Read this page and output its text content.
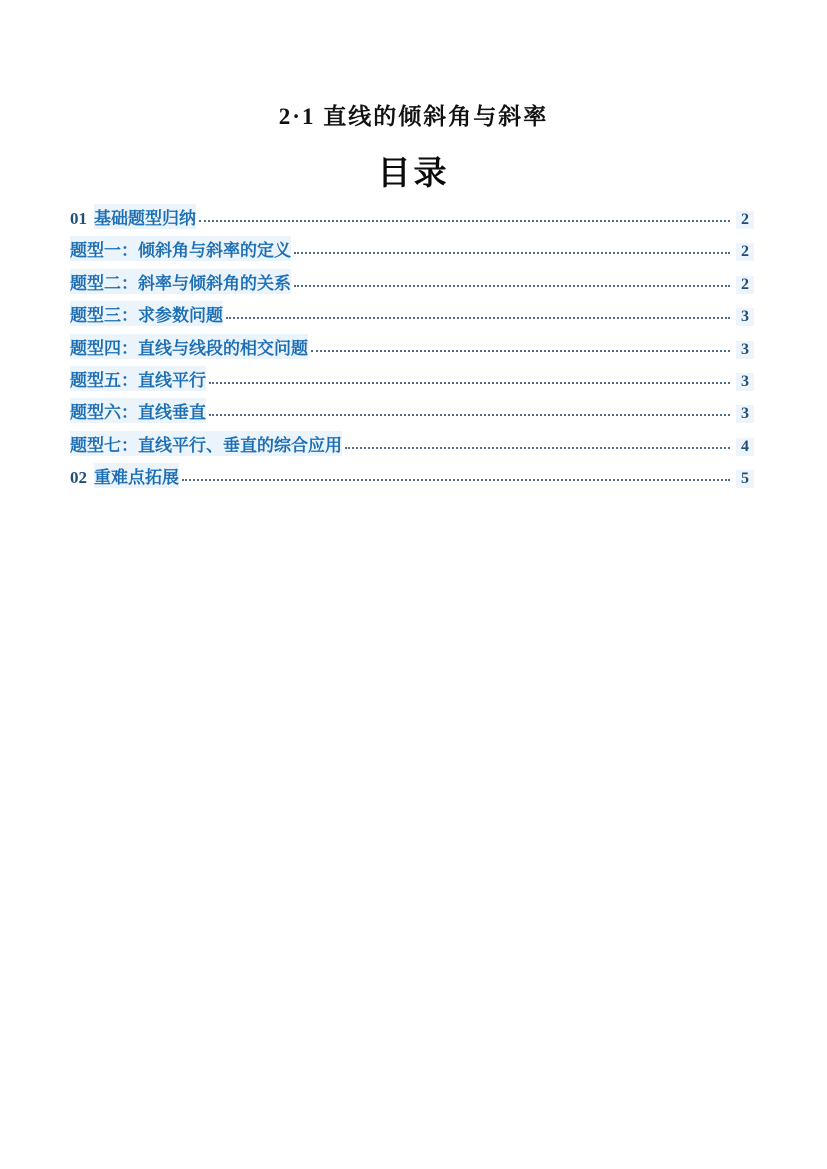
2·1 直线的倾斜角与斜率
目录
01 基础题型归纳	2
题型一：倾斜角与斜率的定义	2
题型二：斜率与倾斜角的关系	2
题型三：求参数问题	3
题型四：直线与线段的相交问题	3
题型五：直线平行	3
题型六：直线垂直	3
题型七：直线平行、垂直的综合应用	4
02 重难点拓展	5
